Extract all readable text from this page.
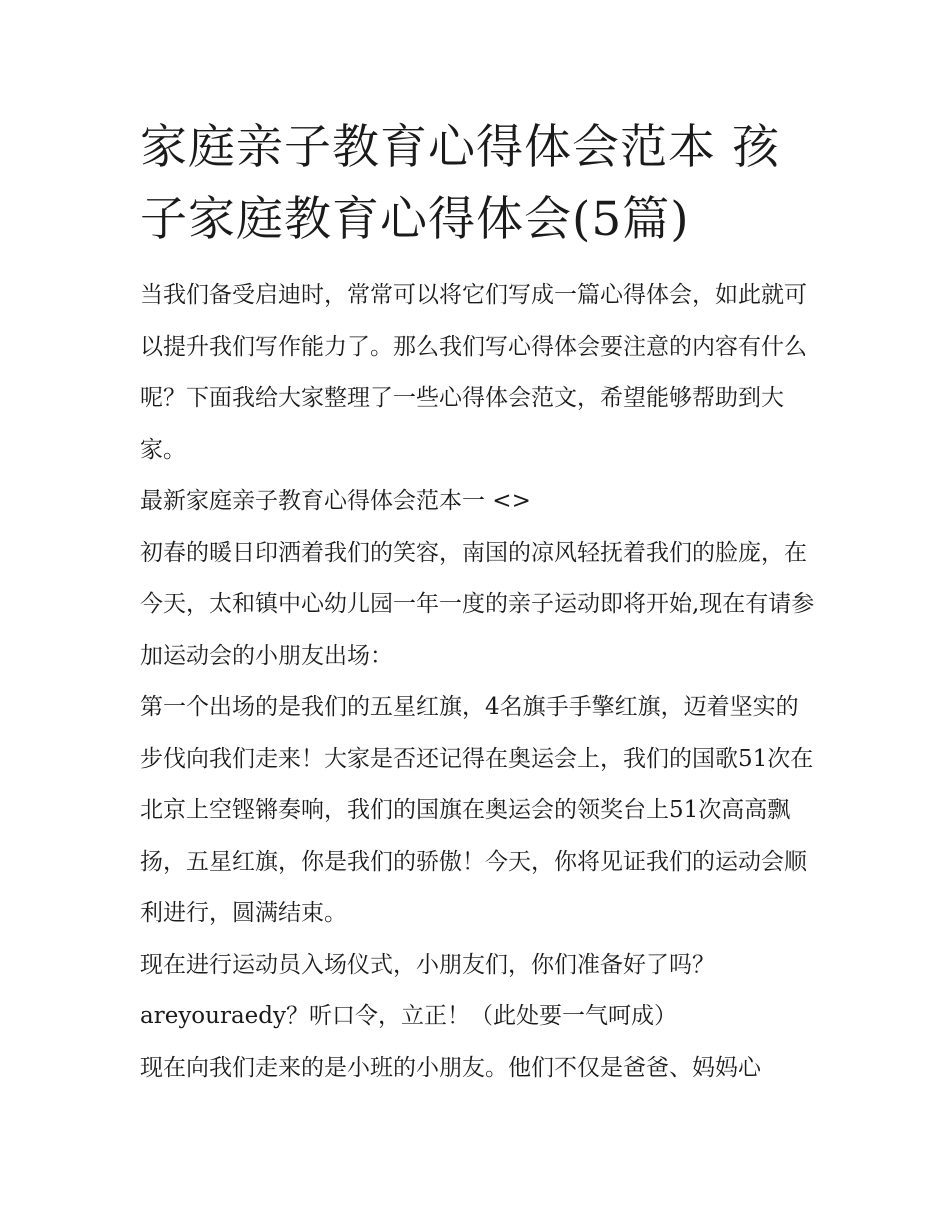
家庭亲子教育心得体会范本 孩子家庭教育心得体会(5篇)

当我们备受启迪时，常常可以将它们写成一篇心得体会，如此就可以提升我们写作能力了。那么我们写心得体会要注意的内容有什么呢？下面我给大家整理了一些心得体会范文，希望能够帮助到大家。

最新家庭亲子教育心得体会范本一 <>

初春的暖日印洒着我们的笑容，南国的凉风轻抚着我们的脸庞，在今天，太和镇中心幼儿园一年一度的亲子运动即将开始,现在有请参加运动会的小朋友出场：

第一个出场的是我们的五星红旗，4名旗手手擎红旗，迈着坚实的步伐向我们走来！大家是否还记得在奥运会上，我们的国歌51次在北京上空铿锵奏响，我们的国旗在奥运会的领奖台上51次高高飘扬，五星红旗，你是我们的骄傲！今天，你将见证我们的运动会顺利进行，圆满结束。

现在进行运动员入场仪式，小朋友们，你们准备好了吗？

areyouraedy？听口令，立正！（此处要一气呵成）

现在向我们走来的是小班的小朋友。他们不仅是爸爸、妈妈心
